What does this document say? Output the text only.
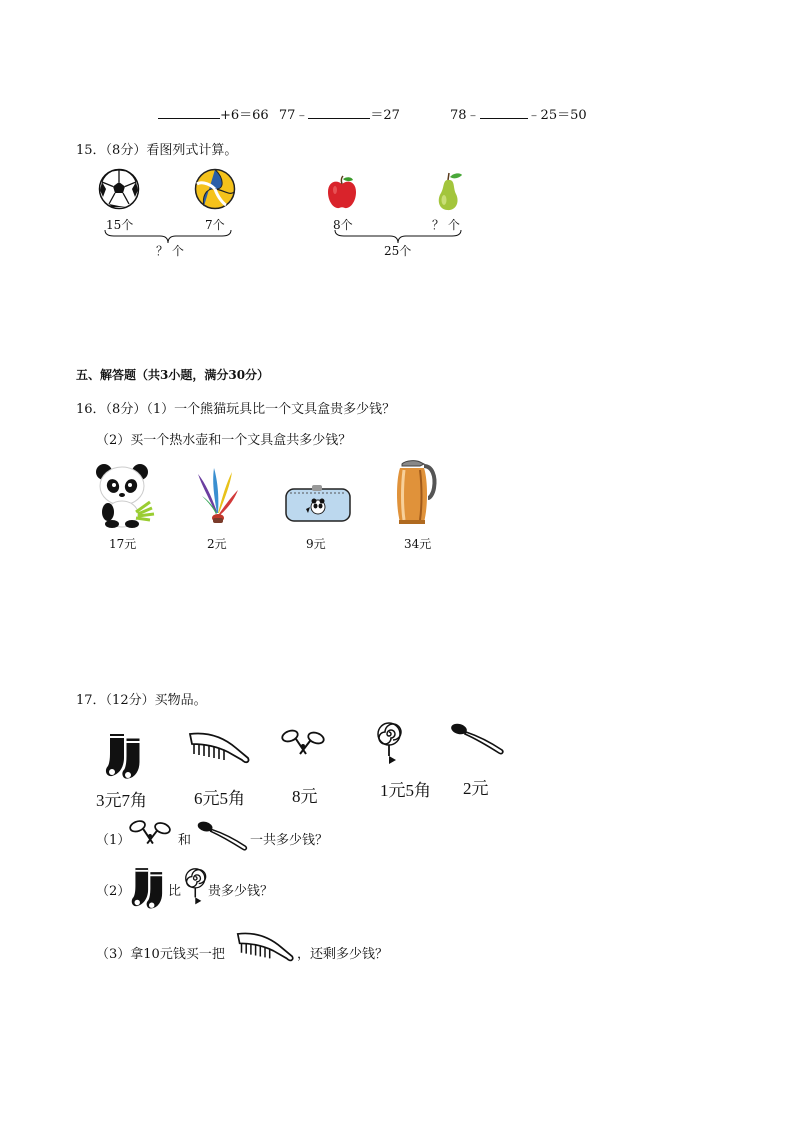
+6＝66 77﹣	＝27	78﹣	﹣25＝50
15．（8分）看图列式计算。
15个	7个
？ 个
8个	？ 个
25个
五、解答题（共3小题，满分30分）
16．（8分）（1）一个熊猫玩具比一个文具盒贵多少钱？
（2）买一个热水壶和一个文具盒共多少钱？
17元	2元	9元	34元
17．（12分）买物品。
3元7角	6元5角	8元	1元5角 2元
（1）	和	一共多少钱？
（2）	比 贵多少钱？
（3）拿10元钱买一把	，还剩多少钱？
